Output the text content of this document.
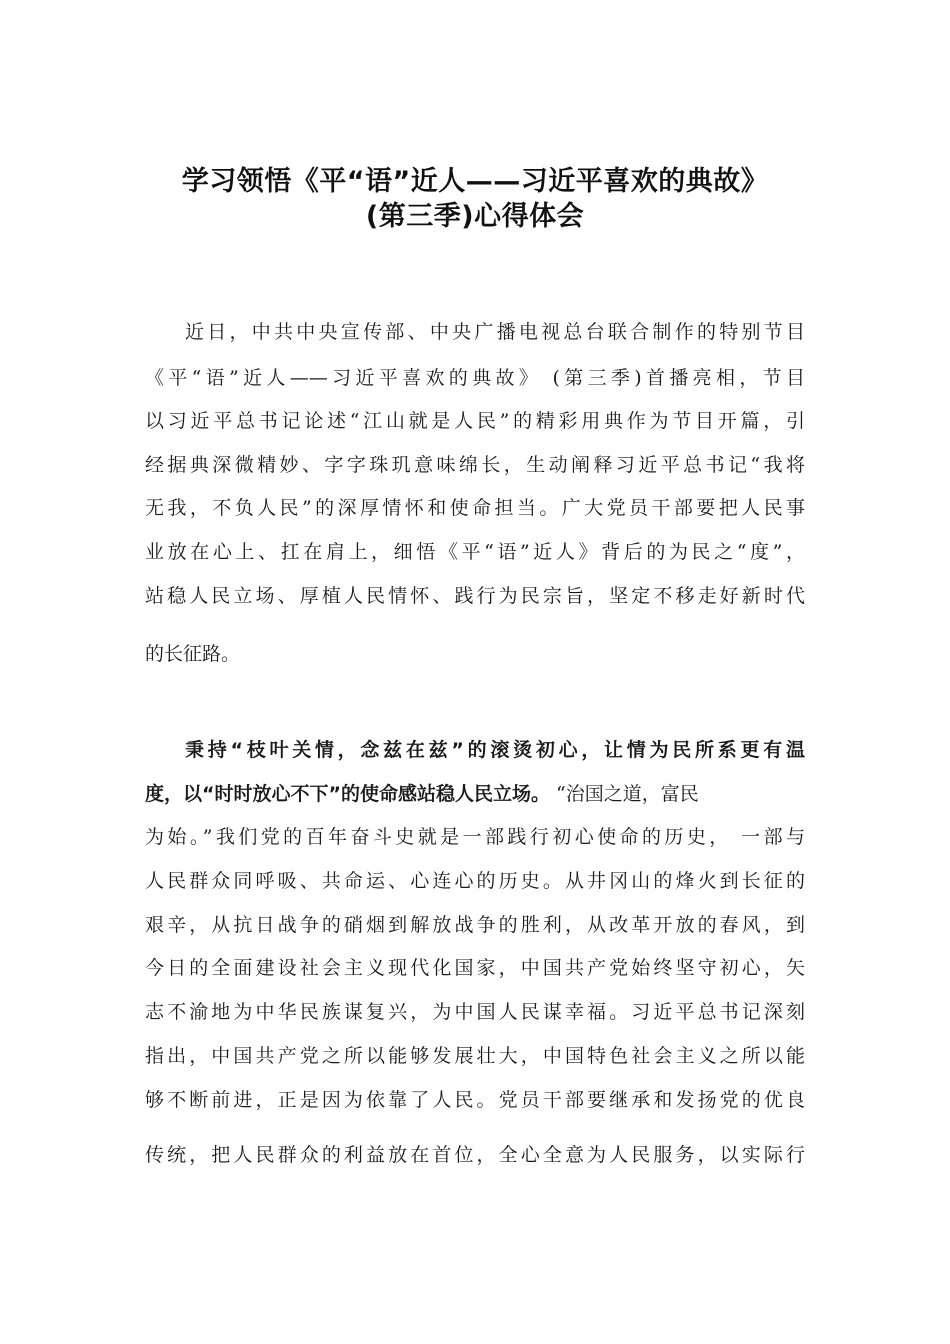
学习领悟《平“语”近人——习近平喜欢的典故》
(第三季)心得体会
近日，中共中央宣传部、中央广播电视总台联合制作的特别节目
《平“语”近人——习近平喜欢的典故》 (第三季)首播亮相，节目
以习近平总书记论述“江山就是人民”的精彩用典作为节目开篇，引
经据典深微精妙、字字珠玑意味绵长，生动阐释习近平总书记“我将
无我，不负人民”的深厚情怀和使命担当。广大党员干部要把人民事
业放在心上、扛在肩上，细悟《平“语”近人》背后的为民之“度”，
站稳人民立场、厚植人民情怀、践行为民宗旨，坚定不移走好新时代
的长征路。
秉持“枝叶关情，念兹在兹”的滚烫初心，让情为民所系更有温
度，以“时时放心不下”的使命感站稳人民立场。 “治国之道，富民
为始。”我们党的百年奋斗史就是一部践行初心使命的历史， 一部与
人民群众同呼吸、共命运、心连心的历史。从井冈山的烽火到长征的
艰辛，从抗日战争的硝烟到解放战争的胜利，从改革开放的春风，到
今日的全面建设社会主义现代化国家，中国共产党始终坚守初心，矢
志不渝地为中华民族谋复兴，为中国人民谋幸福。习近平总书记深刻
指出，中国共产党之所以能够发展壮大，中国特色社会主义之所以能
够不断前进，正是因为依靠了人民。党员干部要继承和发扬党的优良
传统，把人民群众的利益放在首位，全心全意为人民服务，以实际行
